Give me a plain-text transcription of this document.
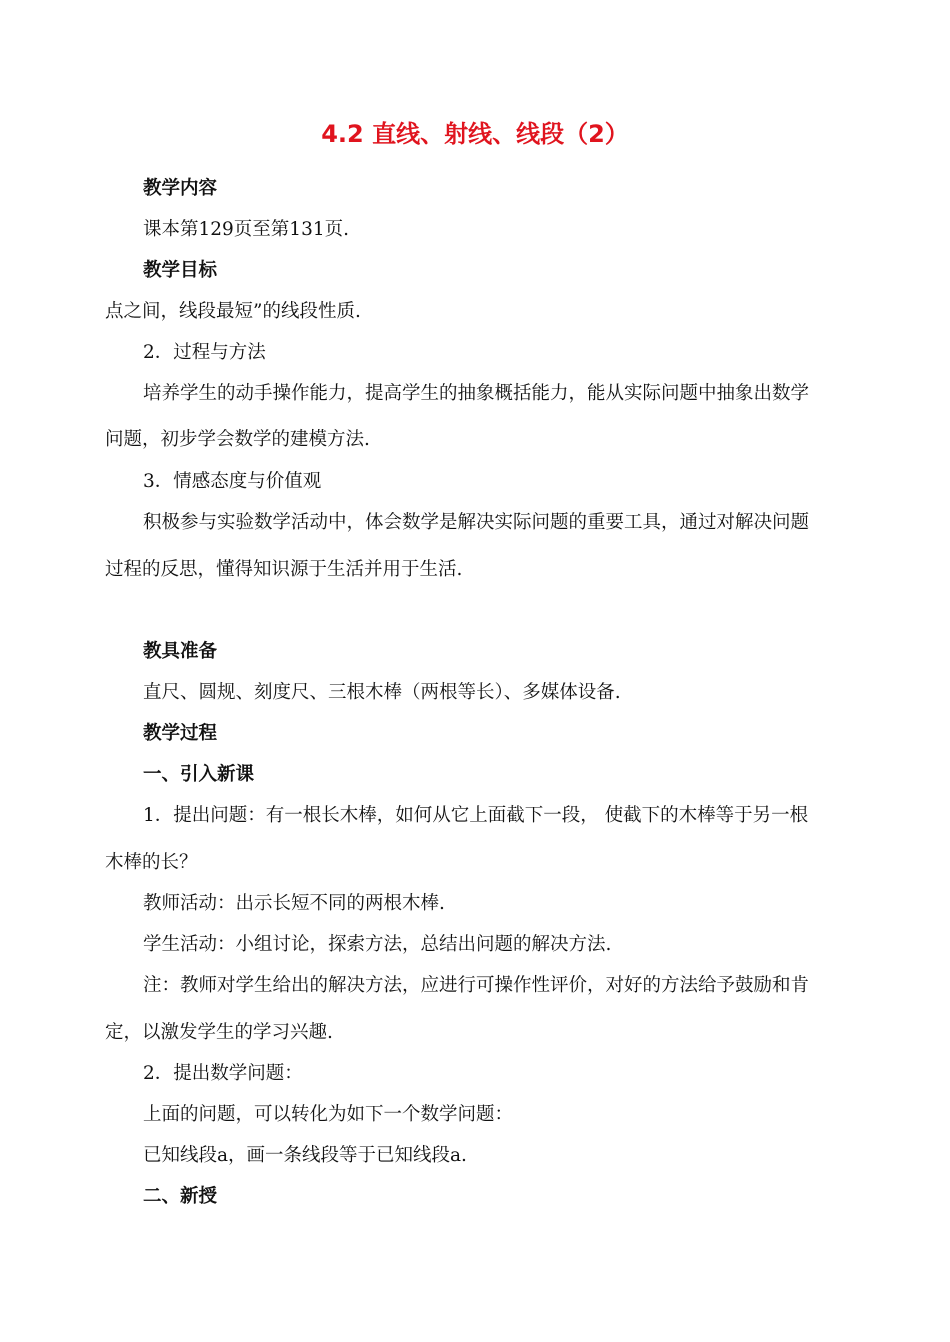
4.2 直线、射线、线段（2）
教学内容
课本第129页至第131页.
教学目标
点之间，线段最短”的线段性质.
2．过程与方法
培养学生的动手操作能力，提高学生的抽象概括能力，能从实际问题中抽象出数学
问题，初步学会数学的建模方法.
3．情感态度与价值观
积极参与实验数学活动中，体会数学是解决实际问题的重要工具，通过对解决问题
过程的反思，懂得知识源于生活并用于生活.
教具准备
直尺、圆规、刻度尺、三根木棒（两根等长）、多媒体设备.
教学过程
一、引入新课
1．提出问题：有一根长木棒，如何从它上面截下一段， 使截下的木棒等于另一根
木棒的长？
教师活动：出示长短不同的两根木棒.
学生活动：小组讨论，探索方法，总结出问题的解决方法.
注：教师对学生给出的解决方法，应进行可操作性评价，对好的方法给予鼓励和肯
定，以激发学生的学习兴趣.
2．提出数学问题：
上面的问题，可以转化为如下一个数学问题：
已知线段a，画一条线段等于已知线段a.
二、新授
